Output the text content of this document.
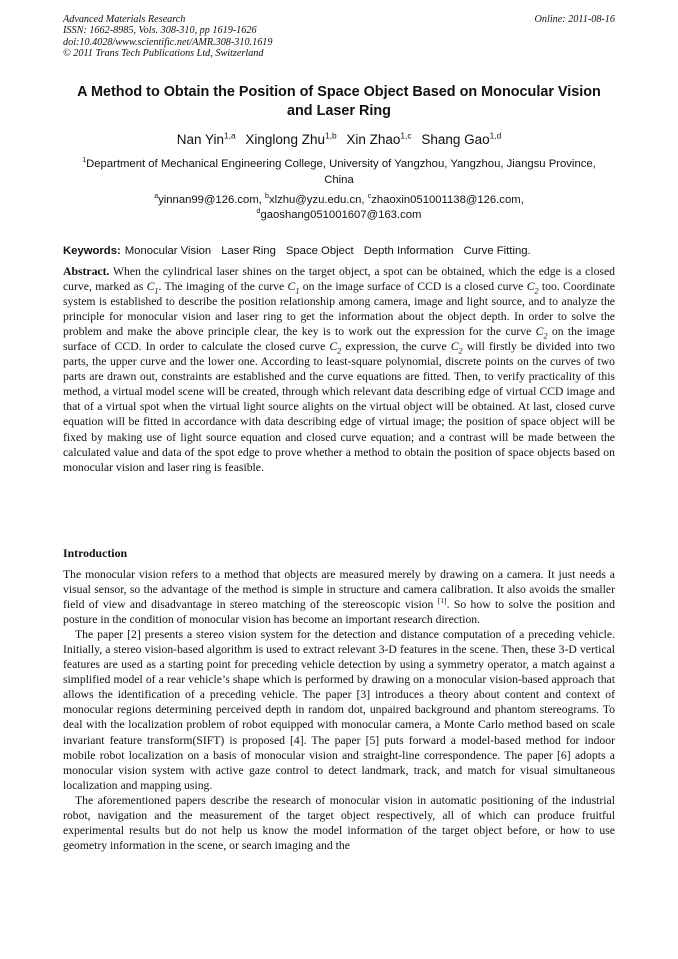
Advanced Materials Research
ISSN: 1662-8985, Vols. 308-310, pp 1619-1626
doi:10.4028/www.scientific.net/AMR.308-310.1619
© 2011 Trans Tech Publications Ltd, Switzerland
Online: 2011-08-16
A Method to Obtain the Position of Space Object Based on Monocular Vision and Laser Ring
Nan Yin$^{1,a}$ Xinglong Zhu$^{1,b}$ Xin Zhao$^{1,c}$ Shang Gao$^{1,d}$
$^1$Department of Mechanical Engineering College, University of Yangzhou, Yangzhou, Jiangsu Province, China
$^a$yinnan99@126.com, $^b$xlzhu@yzu.edu.cn, $^c$zhaoxin051001138@126.com,
$^d$gaoshang051001607@163.com
Keywords: Monocular Vision Laser Ring Space Object Depth Information Curve Fitting.
Abstract. When the cylindrical laser shines on the target object, a spot can be obtained, which the edge is a closed curve, marked as $C_1$. The imaging of the curve $C_1$ on the image surface of CCD is a closed curve $C_2$ too. Coordinate system is established to describe the position relationship among camera, image and light source, and to analyze the principle for monocular vision and laser ring to get the information about the object depth. In order to solve the problem and make the above principle clear, the key is to work out the expression for the curve $C_2$ on the image surface of CCD. In order to calculate the closed curve $C_2$ expression, the curve $C_2$ will firstly be divided into two parts, the upper curve and the lower one. According to least-square polynomial, discrete points on the curves of two parts are drawn out, constraints are established and the curve equations are fitted. Then, to verify practicality of this method, a virtual model scene will be created, through which relevant data describing edge of virtual CCD image and that of a virtual spot when the virtual light source alights on the virtual object will be obtained. At last, closed curve equation will be fitted in accordance with data describing edge of virtual image; the position of space object will be fixed by making use of light source equation and closed curve equation; and a contrast will be made between the calculated value and data of the spot edge to prove whether a method to obtain the position of space objects based on monocular vision and laser ring is feasible.
Introduction

The monocular vision refers to a method that objects are measured merely by drawing on a camera. It just needs a visual sensor, so the advantage of the method is simple in structure and camera calibration. It also avoids the smaller field of view and disadvantage in stereo matching of the stereoscopic vision [1]. So how to solve the position and posture in the condition of monocular vision has become an important research direction.

The paper [2] presents a stereo vision system for the detection and distance computation of a preceding vehicle. Initially, a stereo vision-based algorithm is used to extract relevant 3-D features in the scene. Then, these 3-D vertical features are used as a starting point for preceding vehicle detection by using a symmetry operator, a match against a simplified model of a rear vehicle’s shape which is performed by drawing on a monocular vision-based approach that allows the identification of a preceding vehicle. The paper [3] introduces a theory about content and context of monocular regions determining perceived depth in random dot, unpaired background and phantom stereograms. To deal with the localization problem of robot equipped with monocular camera, a Monte Carlo method based on scale invariant feature transform(SIFT) is proposed [4]. The paper [5] puts forward a model-based method for indoor mobile robot localization on a basis of monocular vision and straight-line correspondence. The paper [6] adopts a monocular vision system with active gaze control to detect landmark, track, and match for visual simultaneous localization and mapping using.

The aforementioned papers describe the research of monocular vision in automatic positioning of the industrial robot, navigation and the measurement of the target object respectively, all of which can produce fruitful experimental results but do not help us know the model information of the target object before, or how to use geometry information in the scene, or search imaging and the
